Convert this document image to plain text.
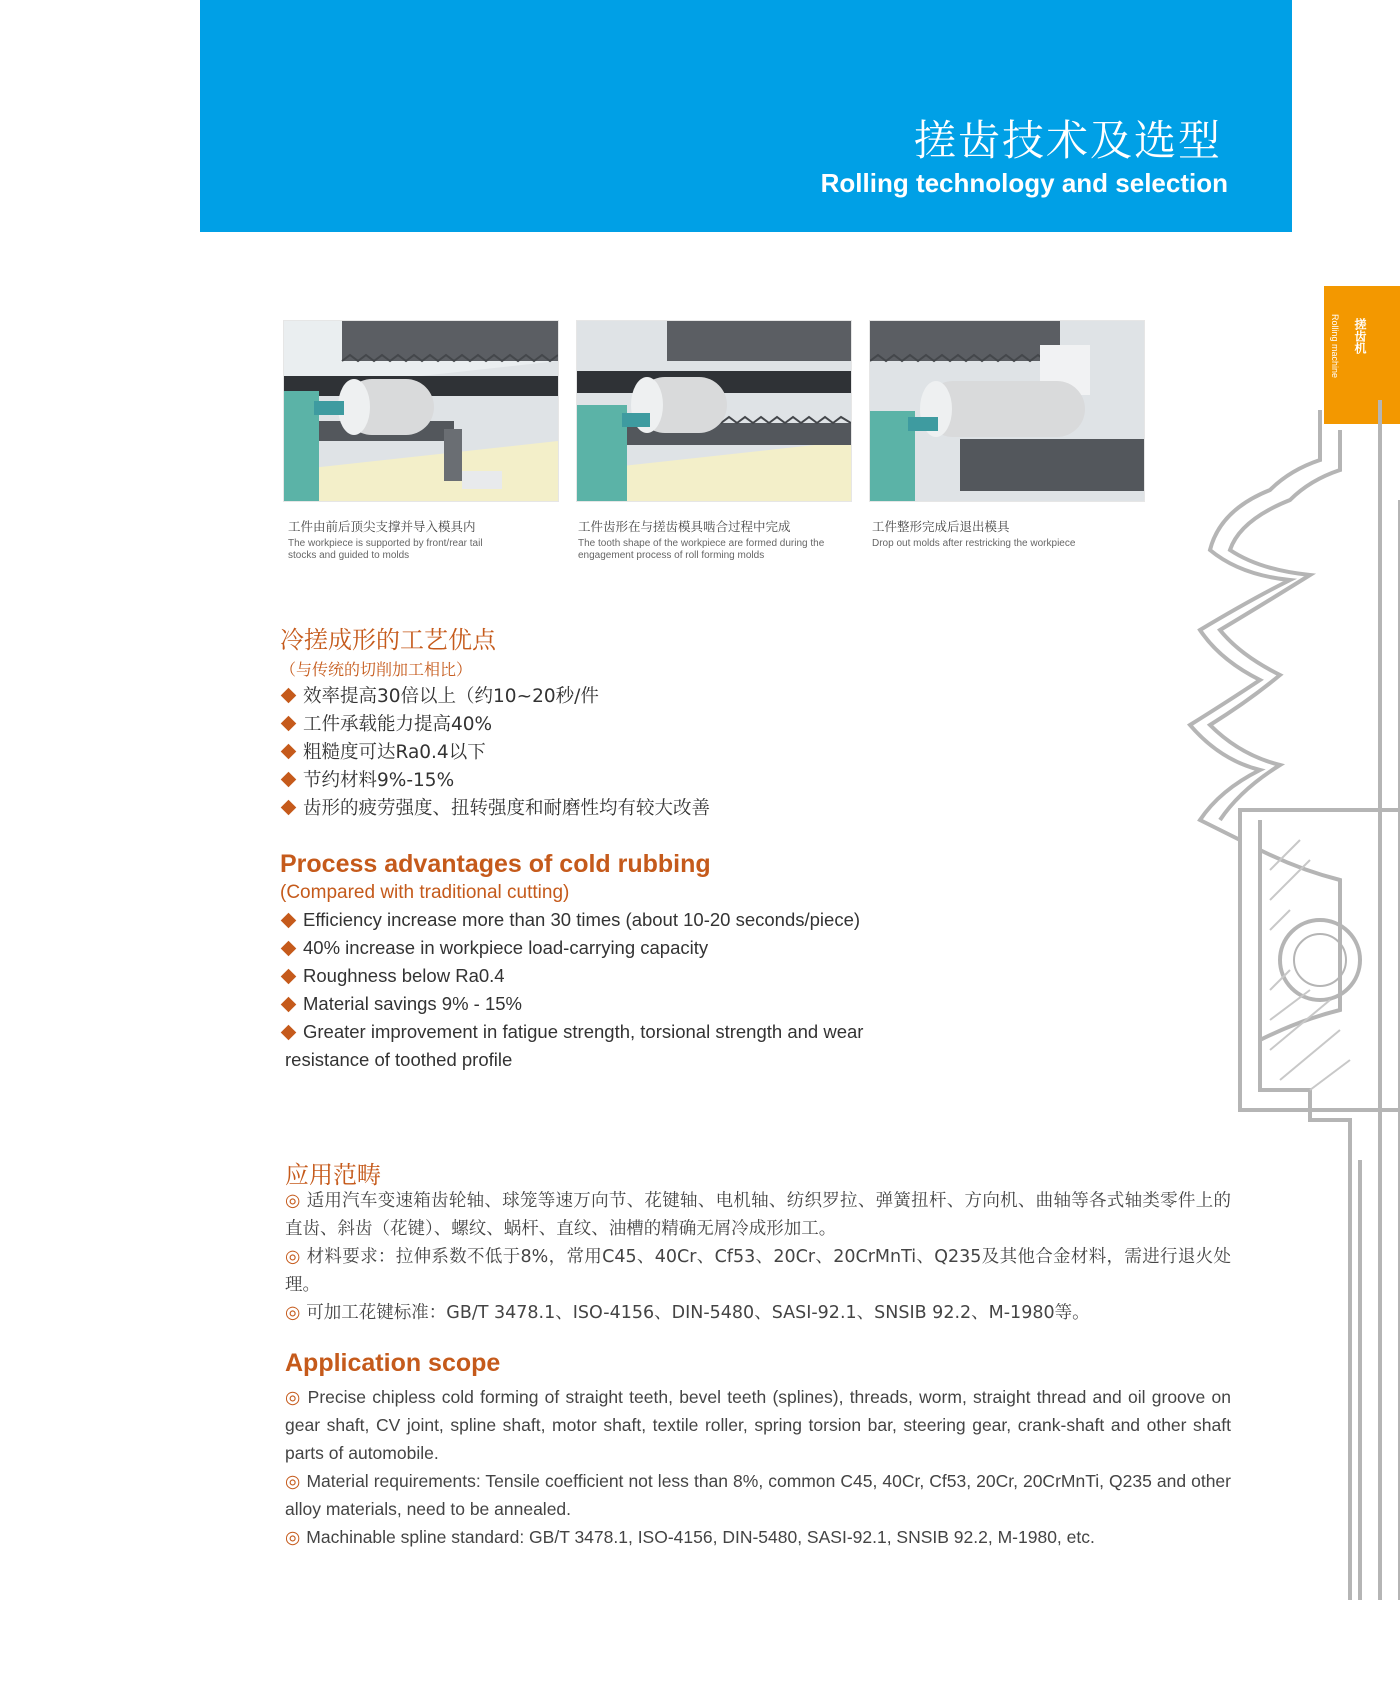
搓齿技术及选型
Rolling technology and selection
搓齿机
Rolling machine
工件由前后顶尖支撑并导入模具内
The workpiece is supported by front/rear tail stocks and guided to molds
工件齿形在与搓齿模具啮合过程中完成
The tooth shape of the workpiece are formed during the engagement process of roll forming molds
工件整形完成后退出模具
Drop out molds after restricking the workpiece
冷搓成形的工艺优点
（与传统的切削加工相比）
效率提高30倍以上（约10~20秒/件
工件承载能力提高40%
粗糙度可达Ra0.4以下
节约材料9%-15%
齿形的疲劳强度、扭转强度和耐磨性均有较大改善
Process advantages of cold rubbing
(Compared with traditional cutting)
Efficiency increase more than 30 times (about 10-20 seconds/piece)
40% increase in workpiece load-carrying capacity
Roughness below Ra0.4
Material savings 9% - 15%
Greater improvement in fatigue strength, torsional strength and wear
resistance of toothed profile
应用范畴
◎ 适用汽车变速箱齿轮轴、球笼等速万向节、花键轴、电机轴、纺织罗拉、弹簧扭杆、方向机、曲轴等各式轴类零件上的直齿、斜齿（花键）、螺纹、蜗杆、直纹、油槽的精确无屑冷成形加工。
◎ 材料要求：拉伸系数不低于8%，常用C45、40Cr、Cf53、20Cr、20CrMnTi、Q235及其他合金材料，需进行退火处理。
◎ 可加工花键标准：GB/T 3478.1、ISO-4156、DIN-5480、SASI-92.1、SNSIB 92.2、M-1980等。
Application scope
◎ Precise chipless cold forming of straight teeth, bevel teeth (splines), threads, worm, straight thread and oil groove on gear shaft, CV joint, spline shaft, motor shaft, textile roller, spring torsion bar, steering gear, crank-shaft and other shaft parts of automobile.
◎ Material requirements: Tensile coefficient not less than 8%, common C45, 40Cr, Cf53, 20Cr, 20CrMnTi, Q235 and other alloy materials, need to be annealed.
◎ Machinable spline standard: GB/T 3478.1, ISO-4156, DIN-5480, SASI-92.1, SNSIB 92.2, M-1980, etc.
